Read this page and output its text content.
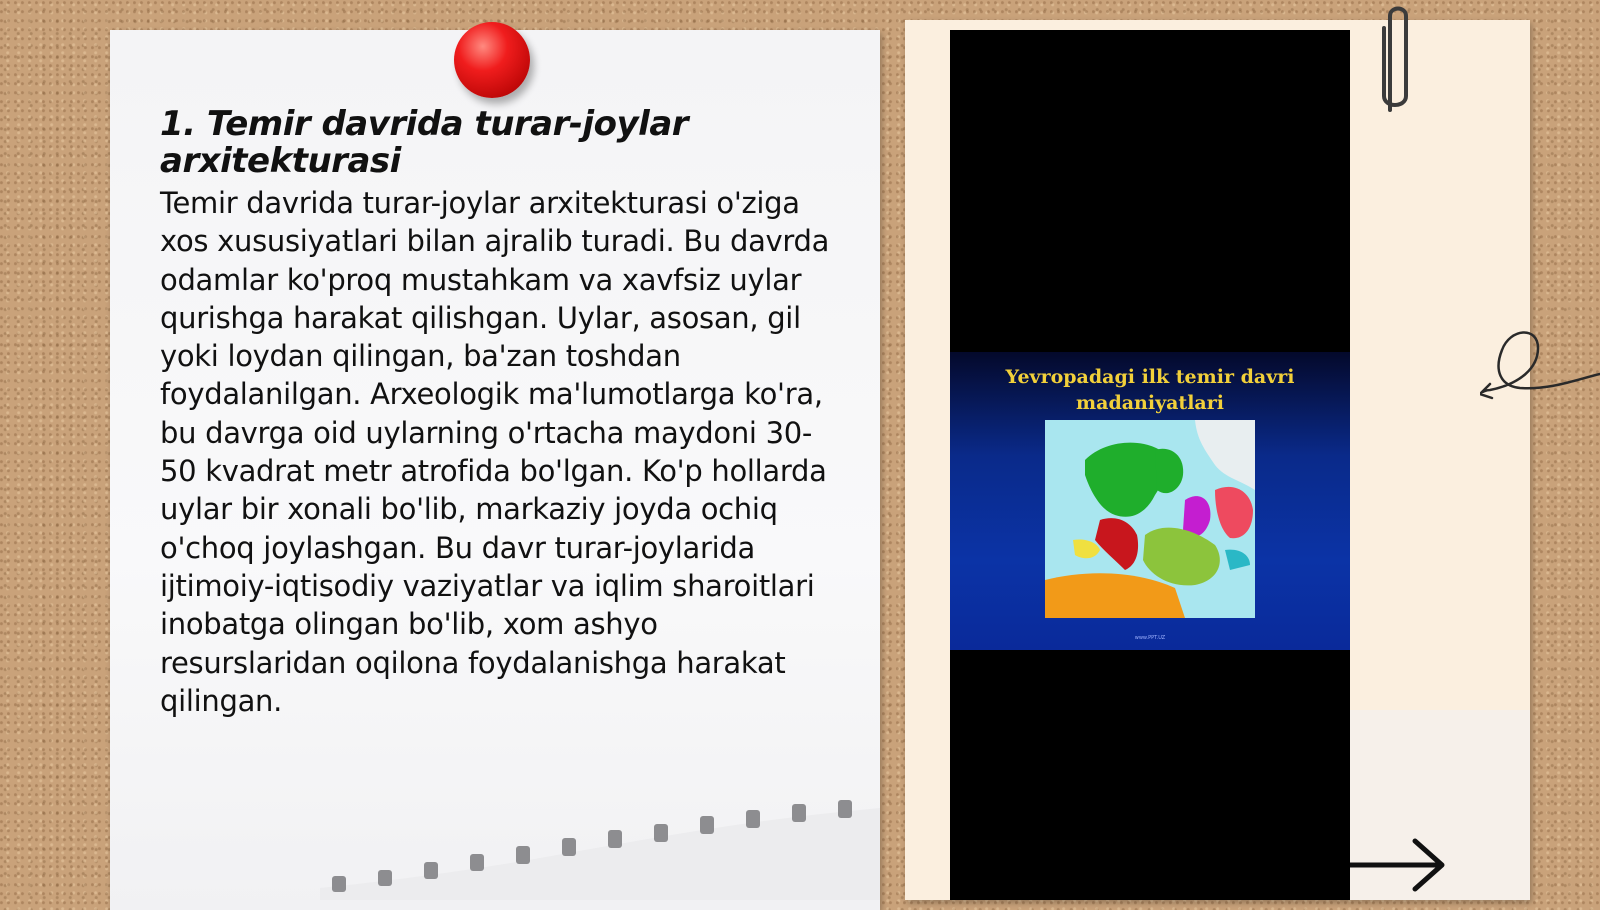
1. Temir davrida turar-joylar arxitekturasi

Temir davrida turar-joylar arxitekturasi o'ziga xos xususiyatlari bilan ajralib turadi. Bu davrda odamlar ko'proq mustahkam va xavfsiz uylar qurishga harakat qilishgan. Uylar, asosan, gil yoki loydan qilingan, ba'zan toshdan foydalanilgan. Arxeologik ma'lumotlarga ko'ra, bu davrga oid uylarning o'rtacha maydoni 30-50 kvadrat metr atrofida bo'lgan. Ko'p hollarda uylar bir xonali bo'lib, markaziy joyda ochiq o'choq joylashgan. Bu davr turar-joylarida ijtimoiy-iqtisodiy vaziyatlar va iqlim sharoitlari inobatga olingan bo'lib, xom ashyo resurslaridan oqilona foydalanishga harakat qilingan.

Yevropadagi ilk temir davri
madaniyatlari
www.PPT.UZ
